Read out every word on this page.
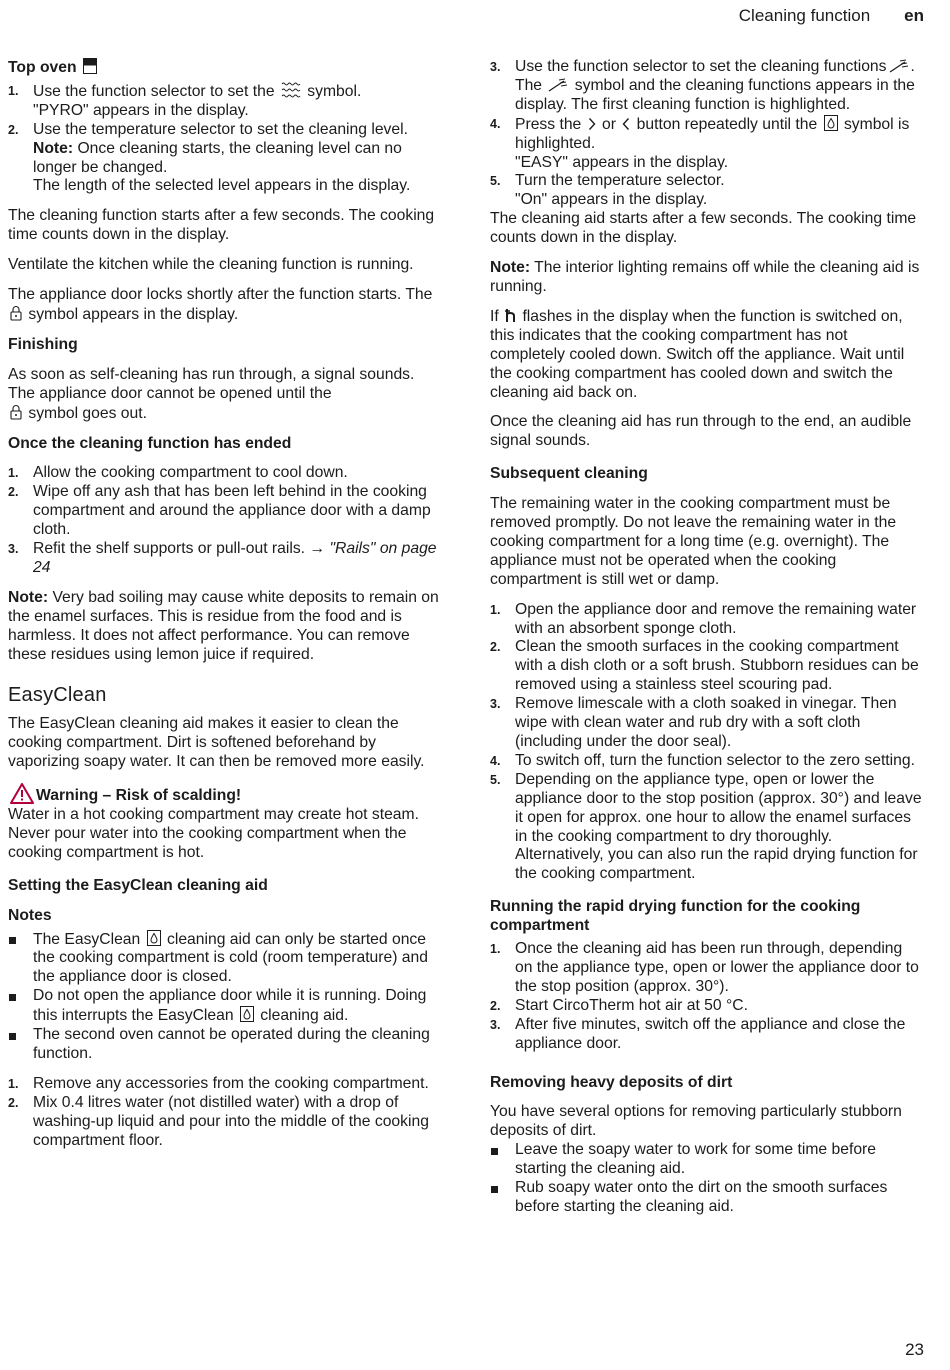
Cleaning function en
Top oven
1. Use the function selector to set the symbol.
"PYRO" appears in the display.
2. Use the temperature selector to set the cleaning level.
Note: Once cleaning starts, the cleaning level can no longer be changed.
The length of the selected level appears in the display.

The cleaning function starts after a few seconds. The cooking time counts down in the display.

Ventilate the kitchen while the cleaning function is running.

The appliance door locks shortly after the function starts. The
symbol appears in the display.

Finishing

As soon as self-cleaning has run through, a signal sounds. The appliance door cannot be opened until the

symbol goes out.

Once the cleaning function has ended
1. Allow the cooking compartment to cool down.
2. Wipe off any ash that has been left behind in the cooking compartment and around the appliance door with a damp cloth.
3. Refit the shelf supports or pull-out rails. → "Rails" on page 24

Note: Very bad soiling may cause white deposits to remain on the enamel surfaces. This is residue from the food and is harmless. It does not affect performance. You can remove these residues using lemon juice if required.

EasyClean

The EasyClean cleaning aid makes it easier to clean the cooking compartment. Dirt is softened beforehand by vaporizing soapy water. It can then be removed more easily.

Warning – Risk of scalding!

Water in a hot cooking compartment may create hot steam. Never pour water into the cooking compartment when the cooking compartment is hot.

Setting the EasyClean cleaning aid
Notes
The EasyClean cleaning aid can only be started once the cooking compartment is cold (room temperature) and the appliance door is closed.
Do not open the appliance door while it is running. Doing this interrupts the EasyClean cleaning aid.
The second oven cannot be operated during the cleaning function.
1. Remove any accessories from the cooking compartment.
2. Mix 0.4 litres water (not distilled water) with a drop of washing-up liquid and pour into the middle of the cooking compartment floor.
3. Use the function selector to set the cleaning functions .
The symbol and the cleaning functions appears in the display. The first cleaning function is highlighted.
4. Press the or button repeatedly until the symbol is highlighted.
"EASY" appears in the display.
5. Turn the temperature selector.
"On" appears in the display.

The cleaning aid starts after a few seconds. The cooking time counts down in the display.

Note: The interior lighting remains off while the cleaning aid is running.

If flashes in the display when the function is switched on, this indicates that the cooking compartment has not completely cooled down. Switch off the appliance. Wait until the cooking compartment has cooled down and switch the cleaning aid back on.

Once the cleaning aid has run through to the end, an audible signal sounds.

Subsequent cleaning

The remaining water in the cooking compartment must be removed promptly. Do not leave the remaining water in the cooking compartment for a long time (e.g. overnight). The appliance must not be operated when the cooking compartment is still wet or damp.

1. Open the appliance door and remove the remaining water with an absorbent sponge cloth.
2. Clean the smooth surfaces in the cooking compartment with a dish cloth or a soft brush. Stubborn residues can be removed using a stainless steel scouring pad.
3. Remove limescale with a cloth soaked in vinegar. Then wipe with clean water and rub dry with a soft cloth (including under the door seal).
4. To switch off, turn the function selector to the zero setting.
5. Depending on the appliance type, open or lower the appliance door to the stop position (approx. 30°) and leave it open for approx. one hour to allow the enamel surfaces in the cooking compartment to dry thoroughly. Alternatively, you can also run the rapid drying function for the cooking compartment.
Running the rapid drying function for the cooking compartment
1. Once the cleaning aid has been run through, depending on the appliance type, open or lower the appliance door to the stop position (approx. 30°).
2. Start CircoTherm hot air at 50 °C.
3. After five minutes, switch off the appliance and close the appliance door.
Removing heavy deposits of dirt

You have several options for removing particularly stubborn deposits of dirt.

Leave the soapy water to work for some time before starting the cleaning aid.
Rub soapy water onto the dirt on the smooth surfaces before starting the cleaning aid.
23
